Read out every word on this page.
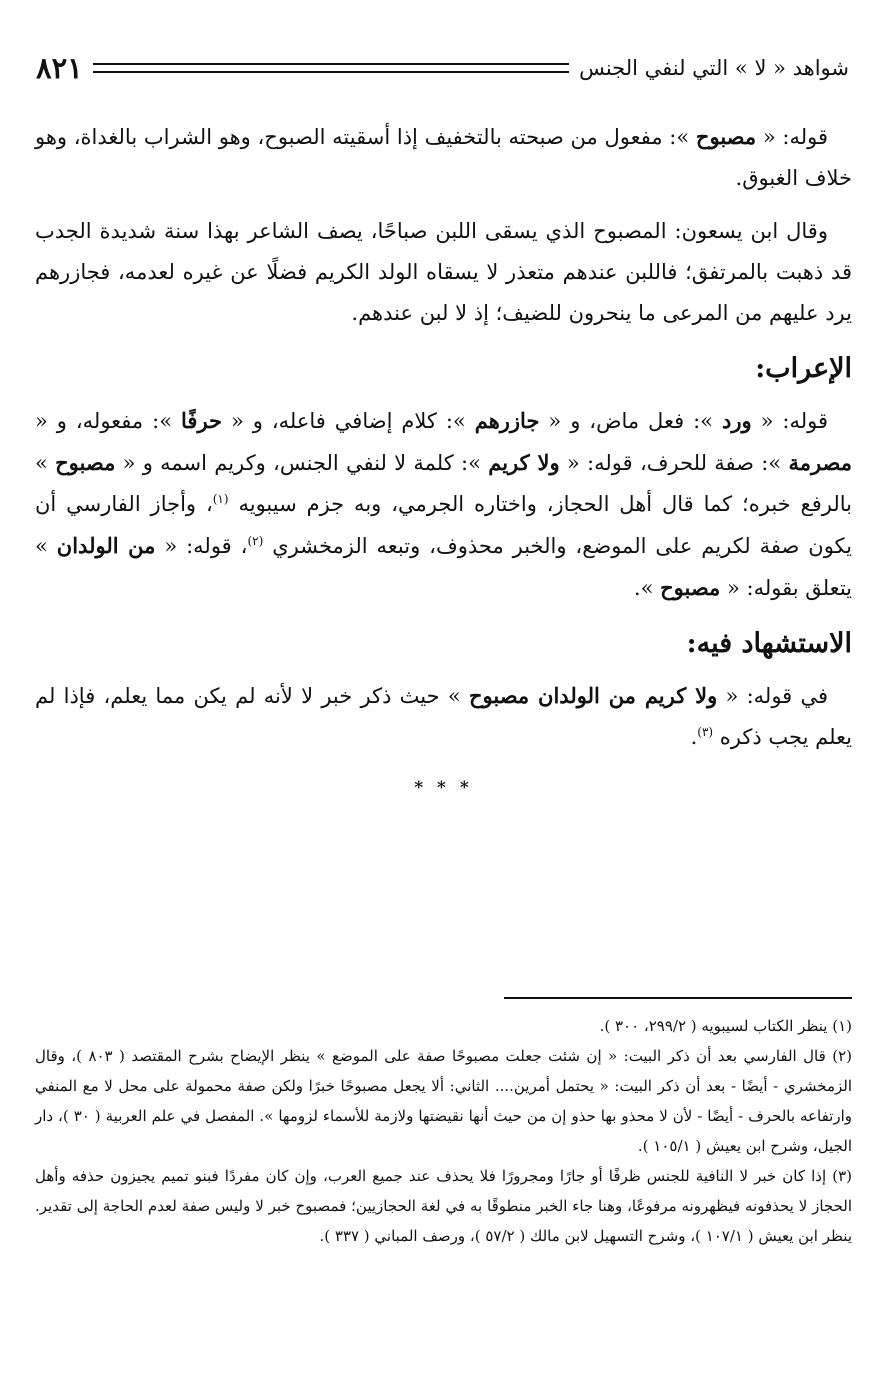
شواهد « لا » التي لنفي الجنس
٨٢١

قوله: « مصبوح »: مفعول من صبحته بالتخفيف إذا أسقيته الصبوح، وهو الشراب بالغداة، وهو خلاف الغبوق.

وقال ابن يسعون: المصبوح الذي يسقى اللبن صباحًا، يصف الشاعر بهذا سنة شديدة الجدب قد ذهبت بالمرتفق؛ فاللبن عندهم متعذر لا يسقاه الولد الكريم فضلًا عن غيره لعدمه، فجازرهم يرد عليهم من المرعى ما ينحرون للضيف؛ إذ لا لبن عندهم.

الإعراب:

قوله: « ورد »: فعل ماض، و « جازرهم »: كلام إضافي فاعله، و « حرفًا »: مفعوله، و « مصرمة »: صفة للحرف، قوله: « ولا كريم »: كلمة لا لنفي الجنس، وكريم اسمه و « مصبوح » بالرفع خبره؛ كما قال أهل الحجاز، واختاره الجرمي، وبه جزم سيبويه $^{(١)}$، وأجاز الفارسي أن يكون صفة لكريم على الموضع، والخبر محذوف، وتبعه الزمخشري $^{(٢)}$، قوله: « من الولدان » يتعلق بقوله: « مصبوح ».

الاستشهاد فيه:

في قوله: « ولا كريم من الولدان مصبوح » حيث ذكر خبر لا لأنه لم يكن مما يعلم، فإذا لم يعلم يجب ذكره $^{(٣)}$.

* * *

(١) ينظر الكتاب لسيبويه ( ٢٩٩/٢، ٣٠٠ ).

(٢) قال الفارسي بعد أن ذكر البيت: « إن شئت جعلت مصبوحًا صفة على الموضع » ينظر الإيضاح بشرح المقتصد ( ٨٠٣ )، وقال الزمخشري - أيضًا - بعد أن ذكر البيت: « يحتمل أمرين.... الثاني: ألا يجعل مصبوحًا خبرًا ولكن صفة محمولة على محل لا مع المنفي وارتفاعه بالحرف - أيضًا - لأن لا محذو بها حذو إن من حيث أنها نقيضتها ولازمة للأسماء لزومها ». المفصل في علم العربية ( ٣٠ )، دار الجيل، وشرح ابن يعيش ( ١٠٥/١ ).

(٣) إذا كان خبر لا النافية للجنس ظرفًا أو جارًا ومجرورًا فلا يحذف عند جميع العرب، وإن كان مفردًا فبنو تميم يجيزون حذفه وأهل الحجاز لا يحذفونه فيظهرونه مرفوعًا، وهنا جاء الخبر منطوقًا به في لغة الحجازيين؛ فمصبوح خبر لا وليس صفة لعدم الحاجة إلى تقدير. ينظر ابن يعيش ( ١٠٧/١ )، وشرح التسهيل لابن مالك ( ٥٧/٢ )، ورصف المباني ( ٣٣٧ ).
